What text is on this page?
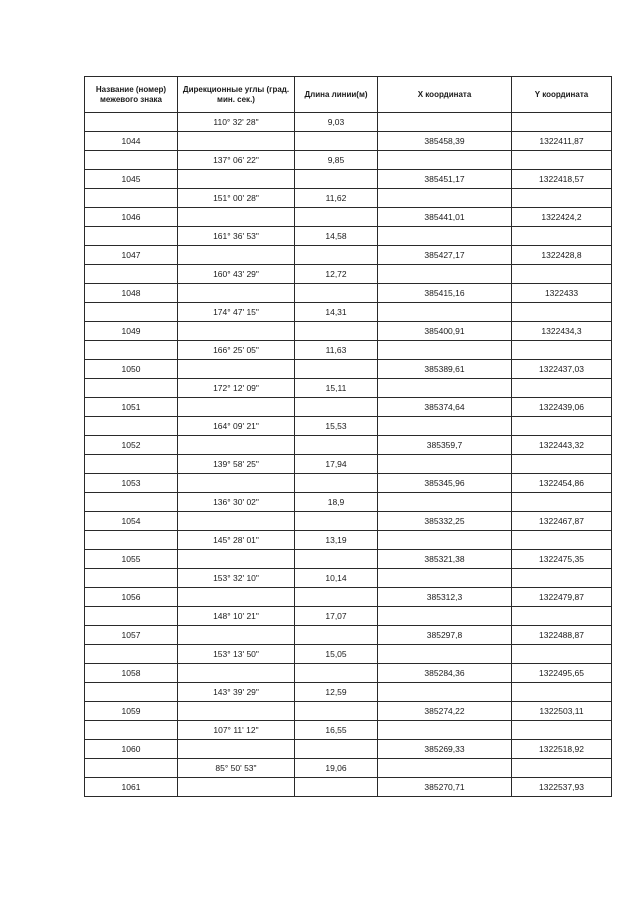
Название (номер) межевого знака	Дирекционные углы (град. мин. сек.)	Длина линии(м)	X координата	Y координата
	110° 32' 28"	9,03		
1044			385458,39	1322411,87
	137° 06' 22"	9,85		
1045			385451,17	1322418,57
	151° 00' 28"	11,62		
1046			385441,01	1322424,2
	161° 36' 53"	14,58		
1047			385427,17	1322428,8
	160° 43' 29"	12,72		
1048			385415,16	1322433
	174° 47' 15"	14,31		
1049			385400,91	1322434,3
	166° 25' 05"	11,63		
1050			385389,61	1322437,03
	172° 12' 09"	15,11		
1051			385374,64	1322439,06
	164° 09' 21"	15,53		
1052			385359,7	1322443,32
	139° 58' 25"	17,94		
1053			385345,96	1322454,86
	136° 30' 02"	18,9		
1054			385332,25	1322467,87
	145° 28' 01"	13,19		
1055			385321,38	1322475,35
	153° 32' 10"	10,14		
1056			385312,3	1322479,87
	148° 10' 21"	17,07		
1057			385297,8	1322488,87
	153° 13' 50"	15,05		
1058			385284,36	1322495,65
	143° 39' 29"	12,59		
1059			385274,22	1322503,11
	107° 11' 12"	16,55		
1060			385269,33	1322518,92
	85° 50' 53"	19,06		
1061			385270,71	1322537,93
